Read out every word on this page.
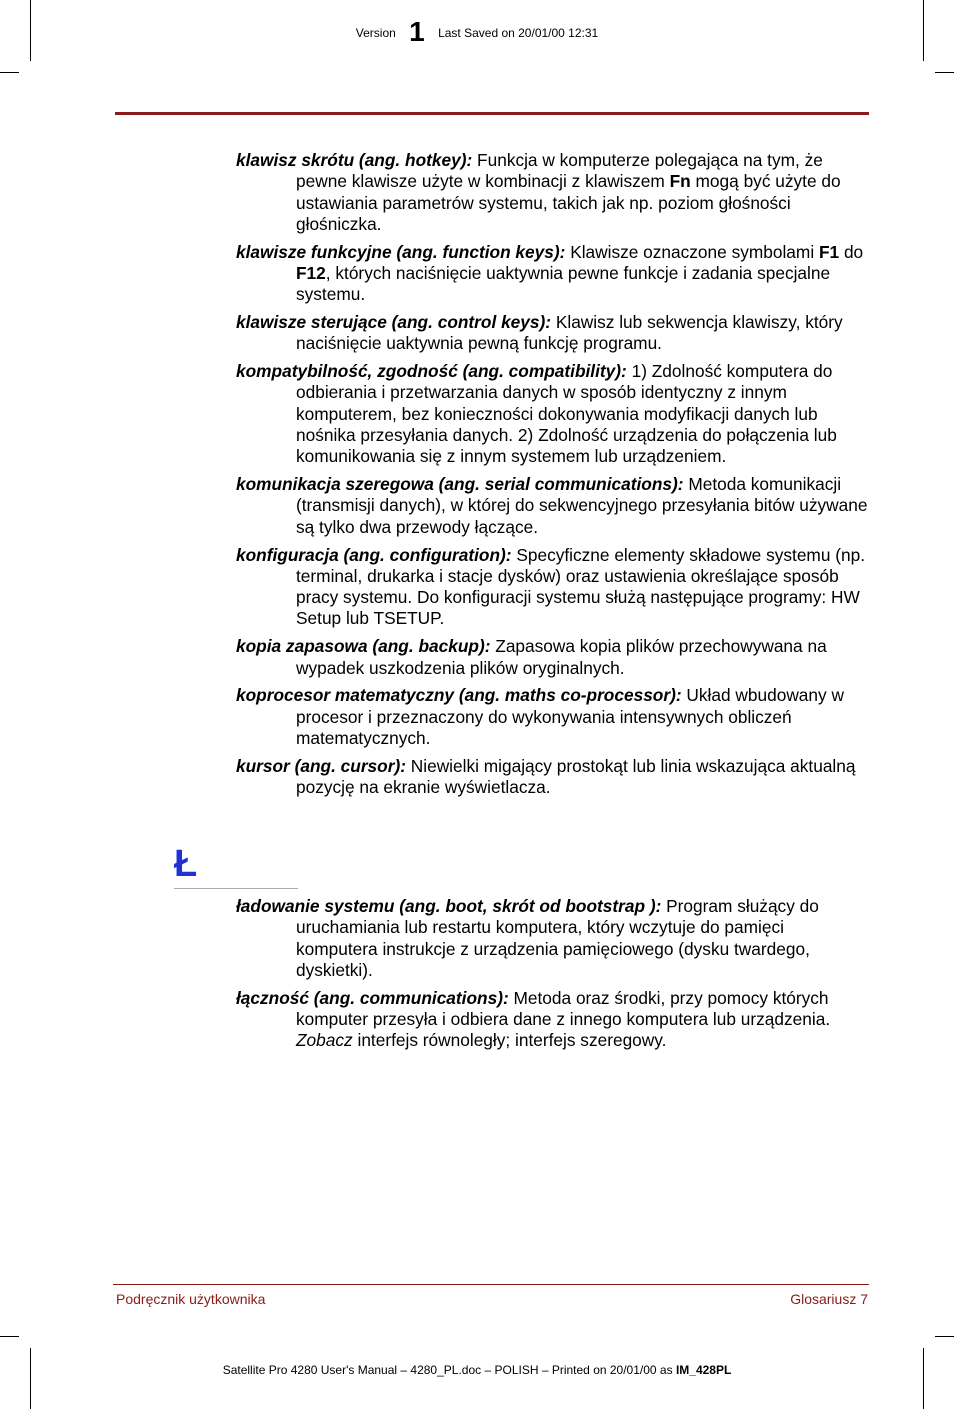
Version 1 Last Saved on 20/01/00 12:31

klawisz skrótu (ang. hotkey): Funkcja w komputerze polegająca na tym, że pewne klawisze użyte w kombinacji z klawiszem Fn mogą być użyte do ustawiania parametrów systemu, takich jak np. poziom głośności głośniczka.

klawisze funkcyjne (ang. function keys): Klawisze oznaczone symbolami F1 do F12, których naciśnięcie uaktywnia pewne funkcje i zadania specjalne systemu.

klawisze sterujące (ang. control keys): Klawisz lub sekwencja klawiszy, który naciśnięcie uaktywnia pewną funkcję programu.

kompatybilność, zgodność (ang. compatibility): 1) Zdolność komputera do odbierania i przetwarzania danych w sposób identyczny z innym komputerem, bez konieczności dokonywania modyfikacji danych lub nośnika przesyłania danych. 2) Zdolność urządzenia do połączenia lub komunikowania się z innym systemem lub urządzeniem.

komunikacja szeregowa (ang. serial communications): Metoda komunikacji (transmisji danych), w której do sekwencyjnego przesyłania bitów używane są tylko dwa przewody łączące.

konfiguracja (ang. configuration): Specyficzne elementy składowe systemu (np. terminal, drukarka i stacje dysków) oraz ustawienia określające sposób pracy systemu. Do konfiguracji systemu służą następujące programy: HW Setup lub TSETUP.

kopia zapasowa (ang. backup): Zapasowa kopia plików przechowywana na wypadek uszkodzenia plików oryginalnych.

koprocesor matematyczny (ang. maths co-processor): Układ wbudowany w procesor i przeznaczony do wykonywania intensywnych obliczeń matematycznych.

kursor (ang. cursor): Niewielki migający prostokąt lub linia wskazująca aktualną pozycję na ekranie wyświetlacza.

Ł

ładowanie systemu (ang. boot, skrót od bootstrap ): Program służący do uruchamiania lub restartu komputera, który wczytuje do pamięci komputera instrukcje z urządzenia pamięciowego (dysku twardego, dyskietki).

łączność (ang. communications): Metoda oraz środki, przy pomocy których komputer przesyła i odbiera dane z innego komputera lub urządzenia. Zobacz interfejs równoległy; interfejs szeregowy.

Podręcznik użytkownika	Glosariusz 7
Satellite Pro 4280 User's Manual – 4280_PL.doc – POLISH – Printed on 20/01/00 as IM_428PL
